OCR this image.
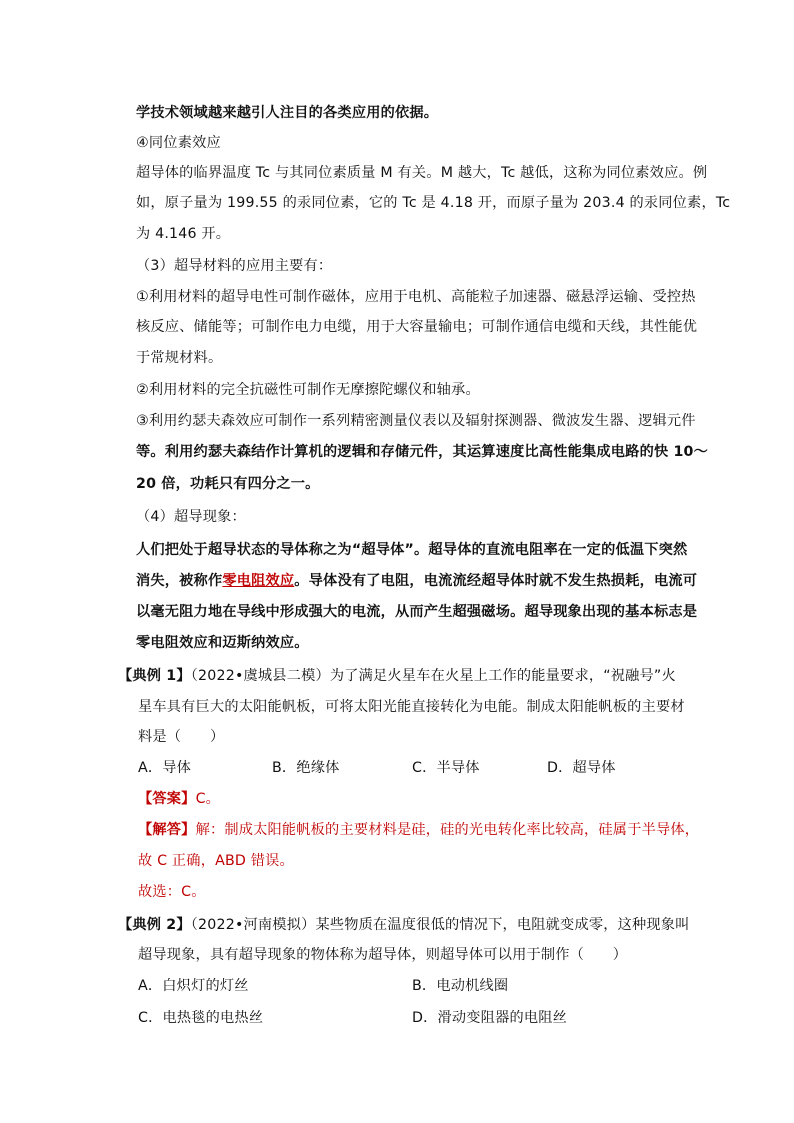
学技术领域越来越引人注目的各类应用的依据。
④同位素效应
超导体的临界温度 Tc 与其同位素质量 M 有关。M 越大，Tc 越低，这称为同位素效应。例
如，原子量为 199.55 的汞同位素，它的 Tc 是 4.18 开，而原子量为 203.4 的汞同位素，Tc
为 4.146 开。
（3）超导材料的应用主要有：
①利用材料的超导电性可制作磁体，应用于电机、高能粒子加速器、磁悬浮运输、受控热
核反应、储能等；可制作电力电缆，用于大容量输电；可制作通信电缆和天线，其性能优
于常规材料。
②利用材料的完全抗磁性可制作无摩擦陀螺仪和轴承。
③利用约瑟夫森效应可制作一系列精密测量仪表以及辐射探测器、微波发生器、逻辑元件
等。利用约瑟夫森结作计算机的逻辑和存储元件，其运算速度比高性能集成电路的快 10～
20 倍，功耗只有四分之一。
（4）超导现象：
人们把处于超导状态的导体称之为“超导体”。超导体的直流电阻率在一定的低温下突然
消失，被称作零电阻效应。导体没有了电阻，电流流经超导体时就不发生热损耗，电流可
以毫无阻力地在导线中形成强大的电流，从而产生超强磁场。超导现象出现的基本标志是
零电阻效应和迈斯纳效应。
【典例 1】（2022•虞城县二模）为了满足火星车在火星上工作的能量要求，“祝融号”火
星车具有巨大的太阳能帆板，可将太阳光能直接转化为电能。制成太阳能帆板的主要材
料是（　　）
A．导体	B．绝缘体	C．半导体	D．超导体
【答案】C。
【解答】解：制成太阳能帆板的主要材料是硅，硅的光电转化率比较高，硅属于半导体，
故 C 正确，ABD 错误。
故选：C。
【典例 2】（2022•河南模拟）某些物质在温度很低的情况下，电阻就变成零，这种现象叫
超导现象，具有超导现象的物体称为超导体，则超导体可以用于制作（　　）
A．白炽灯的灯丝	B．电动机线圈
C．电热毯的电热丝	D．滑动变阻器的电阻丝
